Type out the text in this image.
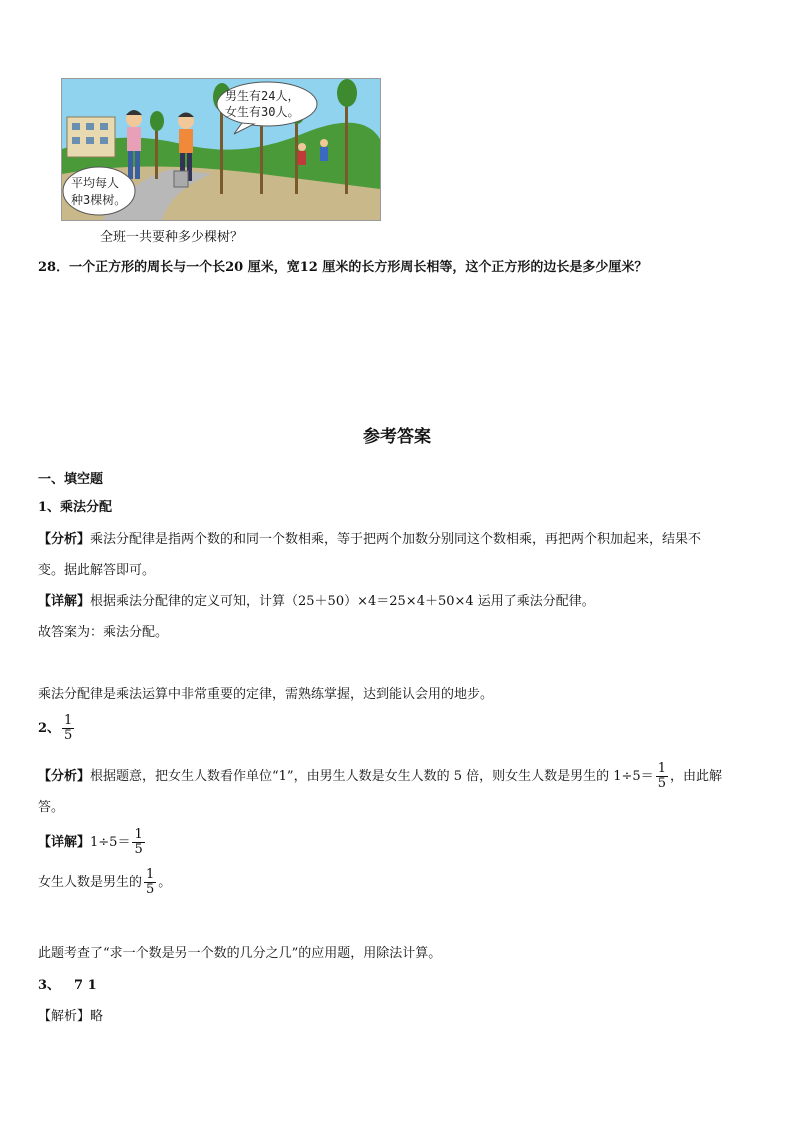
男生有24人，
女生有30人。
平均每人
种3棵树。
全班一共要种多少棵树？
28．一个正方形的周长与一个长20 厘米，宽12 厘米的长方形周长相等，这个正方形的边长是多少厘米？
参考答案
一、填空题
1、乘法分配
【分析】乘法分配律是指两个数的和同一个数相乘，等于把两个加数分别同这个数相乘，再把两个积加起来，结果不
变。据此解答即可。
【详解】根据乘法分配律的定义可知，计算（25＋50）×4＝25×4＋50×4 运用了乘法分配律。
故答案为：乘法分配。
乘法分配律是乘法运算中非常重要的定律，需熟练掌握，达到能认会用的地步。
2、 $\frac{1}{5}$
【分析】根据题意，把女生人数看作单位“1”，由男生人数是女生人数的 5 倍，则女生人数是男生的 $1\div 5= \frac{1}{5}$ ，由此解
答。
【详解】$1\div 5= \frac{1}{5}$
女生人数是男生的 $\frac{1}{5}$ 。
此题考查了“求一个数是另一个数的几分之几”的应用题，用除法计算。
3、 7 1
【解析】略
